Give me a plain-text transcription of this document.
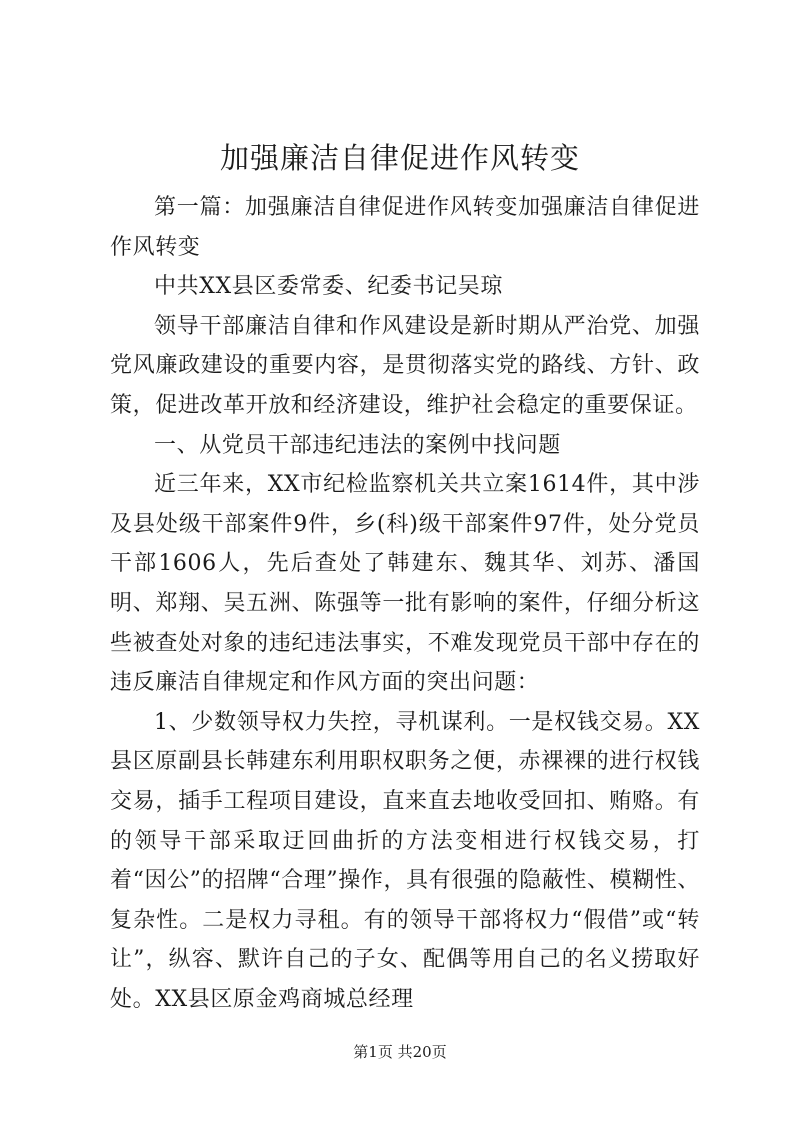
加强廉洁自律促进作风转变

第一篇：加强廉洁自律促进作风转变加强廉洁自律促进作风转变

中共XX县区委常委、纪委书记吴琼

领导干部廉洁自律和作风建设是新时期从严治党、加强党风廉政建设的重要内容，是贯彻落实党的路线、方针、政策，促进改革开放和经济建设，维护社会稳定的重要保证。

一、从党员干部违纪违法的案例中找问题

近三年来，XX市纪检监察机关共立案1614件，其中涉及县处级干部案件9件，乡(科)级干部案件97件，处分党员干部1606人，先后查处了韩建东、魏其华、刘苏、潘国明、郑翔、吴五洲、陈强等一批有影响的案件，仔细分析这些被查处对象的违纪违法事实，不难发现党员干部中存在的违反廉洁自律规定和作风方面的突出问题：

1、少数领导权力失控，寻机谋利。一是权钱交易。XX县区原副县长韩建东利用职权职务之便，赤裸裸的进行权钱交易，插手工程项目建设，直来直去地收受回扣、贿赂。有的领导干部采取迂回曲折的方法变相进行权钱交易，打着“因公”的招牌“合理”操作，具有很强的隐蔽性、模糊性、复杂性。二是权力寻租。有的领导干部将权力“假借”或“转让”，纵容、默许自己的子女、配偶等用自己的名义捞取好处。XX县区原金鸡商城总经理

第1页 共20页
